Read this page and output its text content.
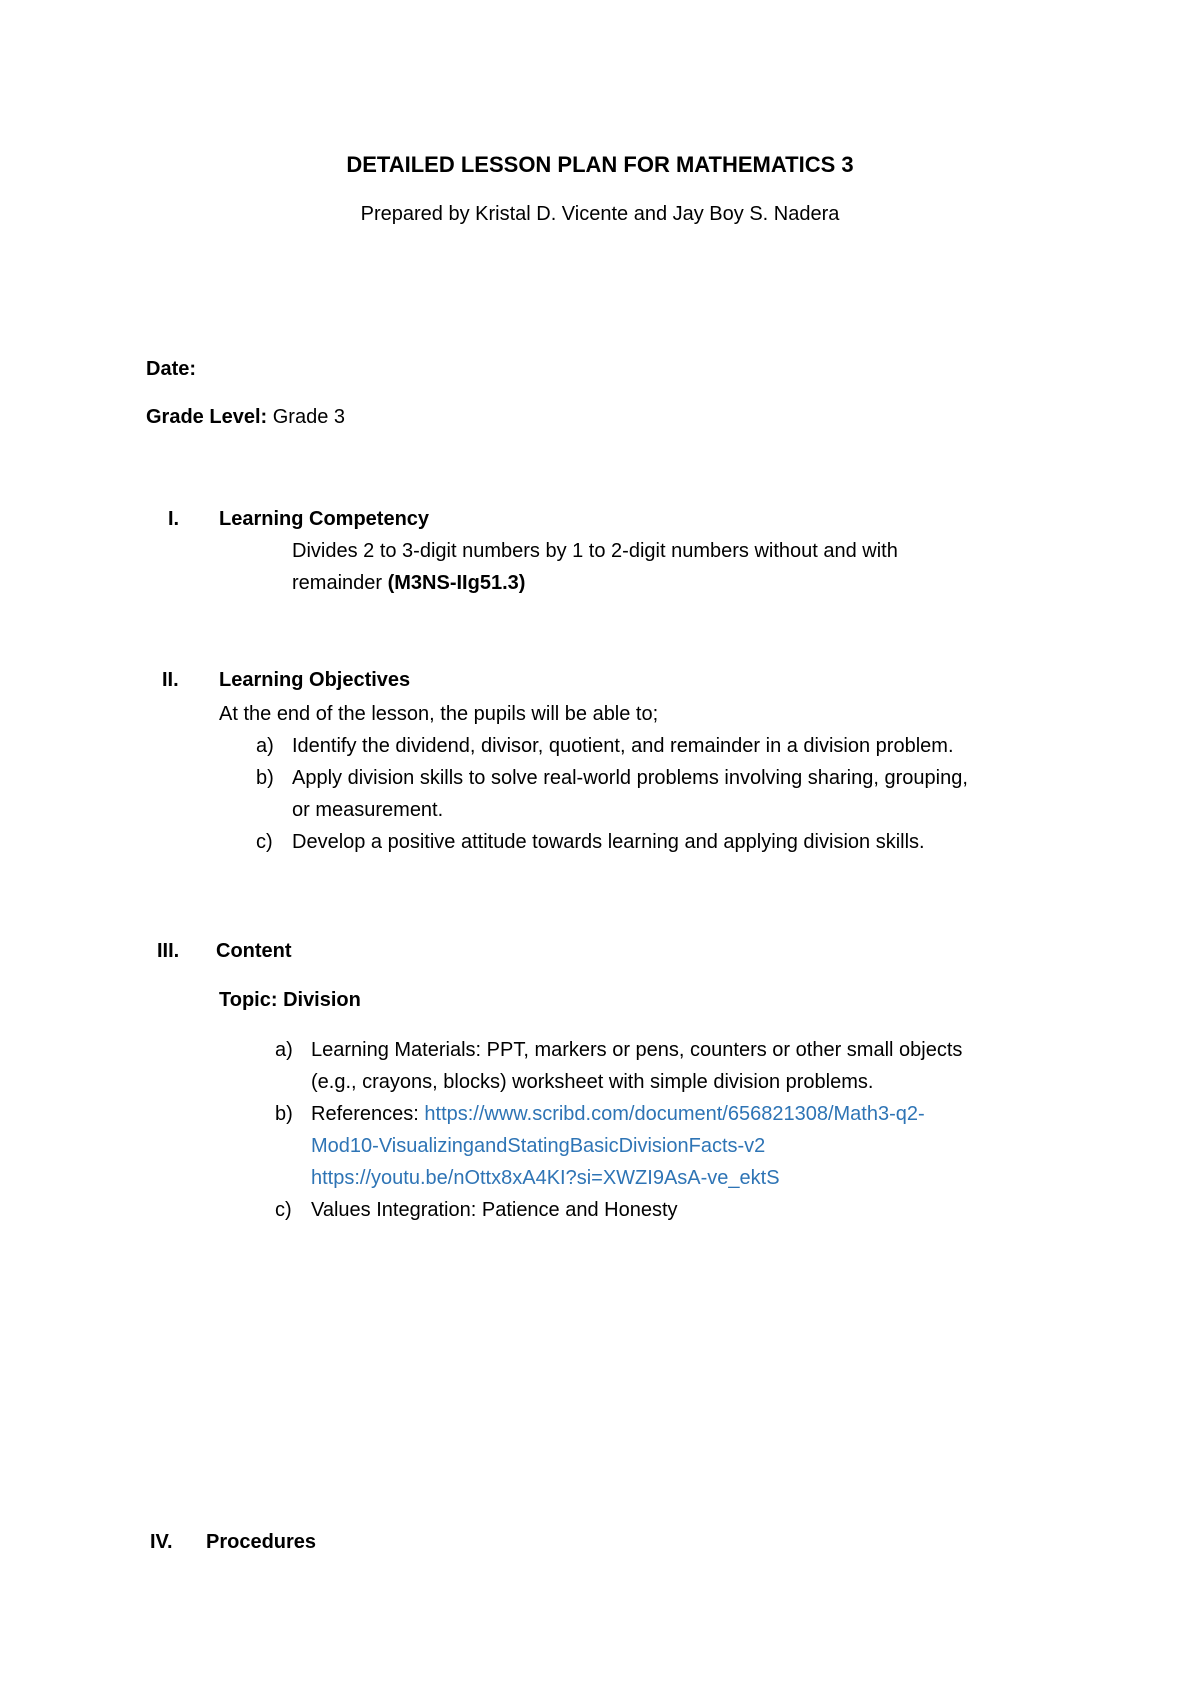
DETAILED LESSON PLAN FOR MATHEMATICS 3
Prepared by Kristal D. Vicente and Jay Boy S. Nadera
Date:
Grade Level: Grade 3
I. Learning Competency
Divides 2 to 3-digit numbers by 1 to 2-digit numbers without and with
remainder (M3NS-IIg51.3)
II. Learning Objectives
At the end of the lesson, the pupils will be able to;
a) Identify the dividend, divisor, quotient, and remainder in a division problem.
b) Apply division skills to solve real-world problems involving sharing, grouping,
or measurement.
c) Develop a positive attitude towards learning and applying division skills.
III. Content
Topic: Division
a) Learning Materials: PPT, markers or pens, counters or other small objects
(e.g., crayons, blocks) worksheet with simple division problems.
b) References: https://www.scribd.com/document/656821308/Math3-q2-
Mod10-VisualizingandStatingBasicDivisionFacts-v2
https://youtu.be/nOttx8xA4KI?si=XWZI9AsA-ve_ektS
c) Values Integration: Patience and Honesty
IV. Procedures
